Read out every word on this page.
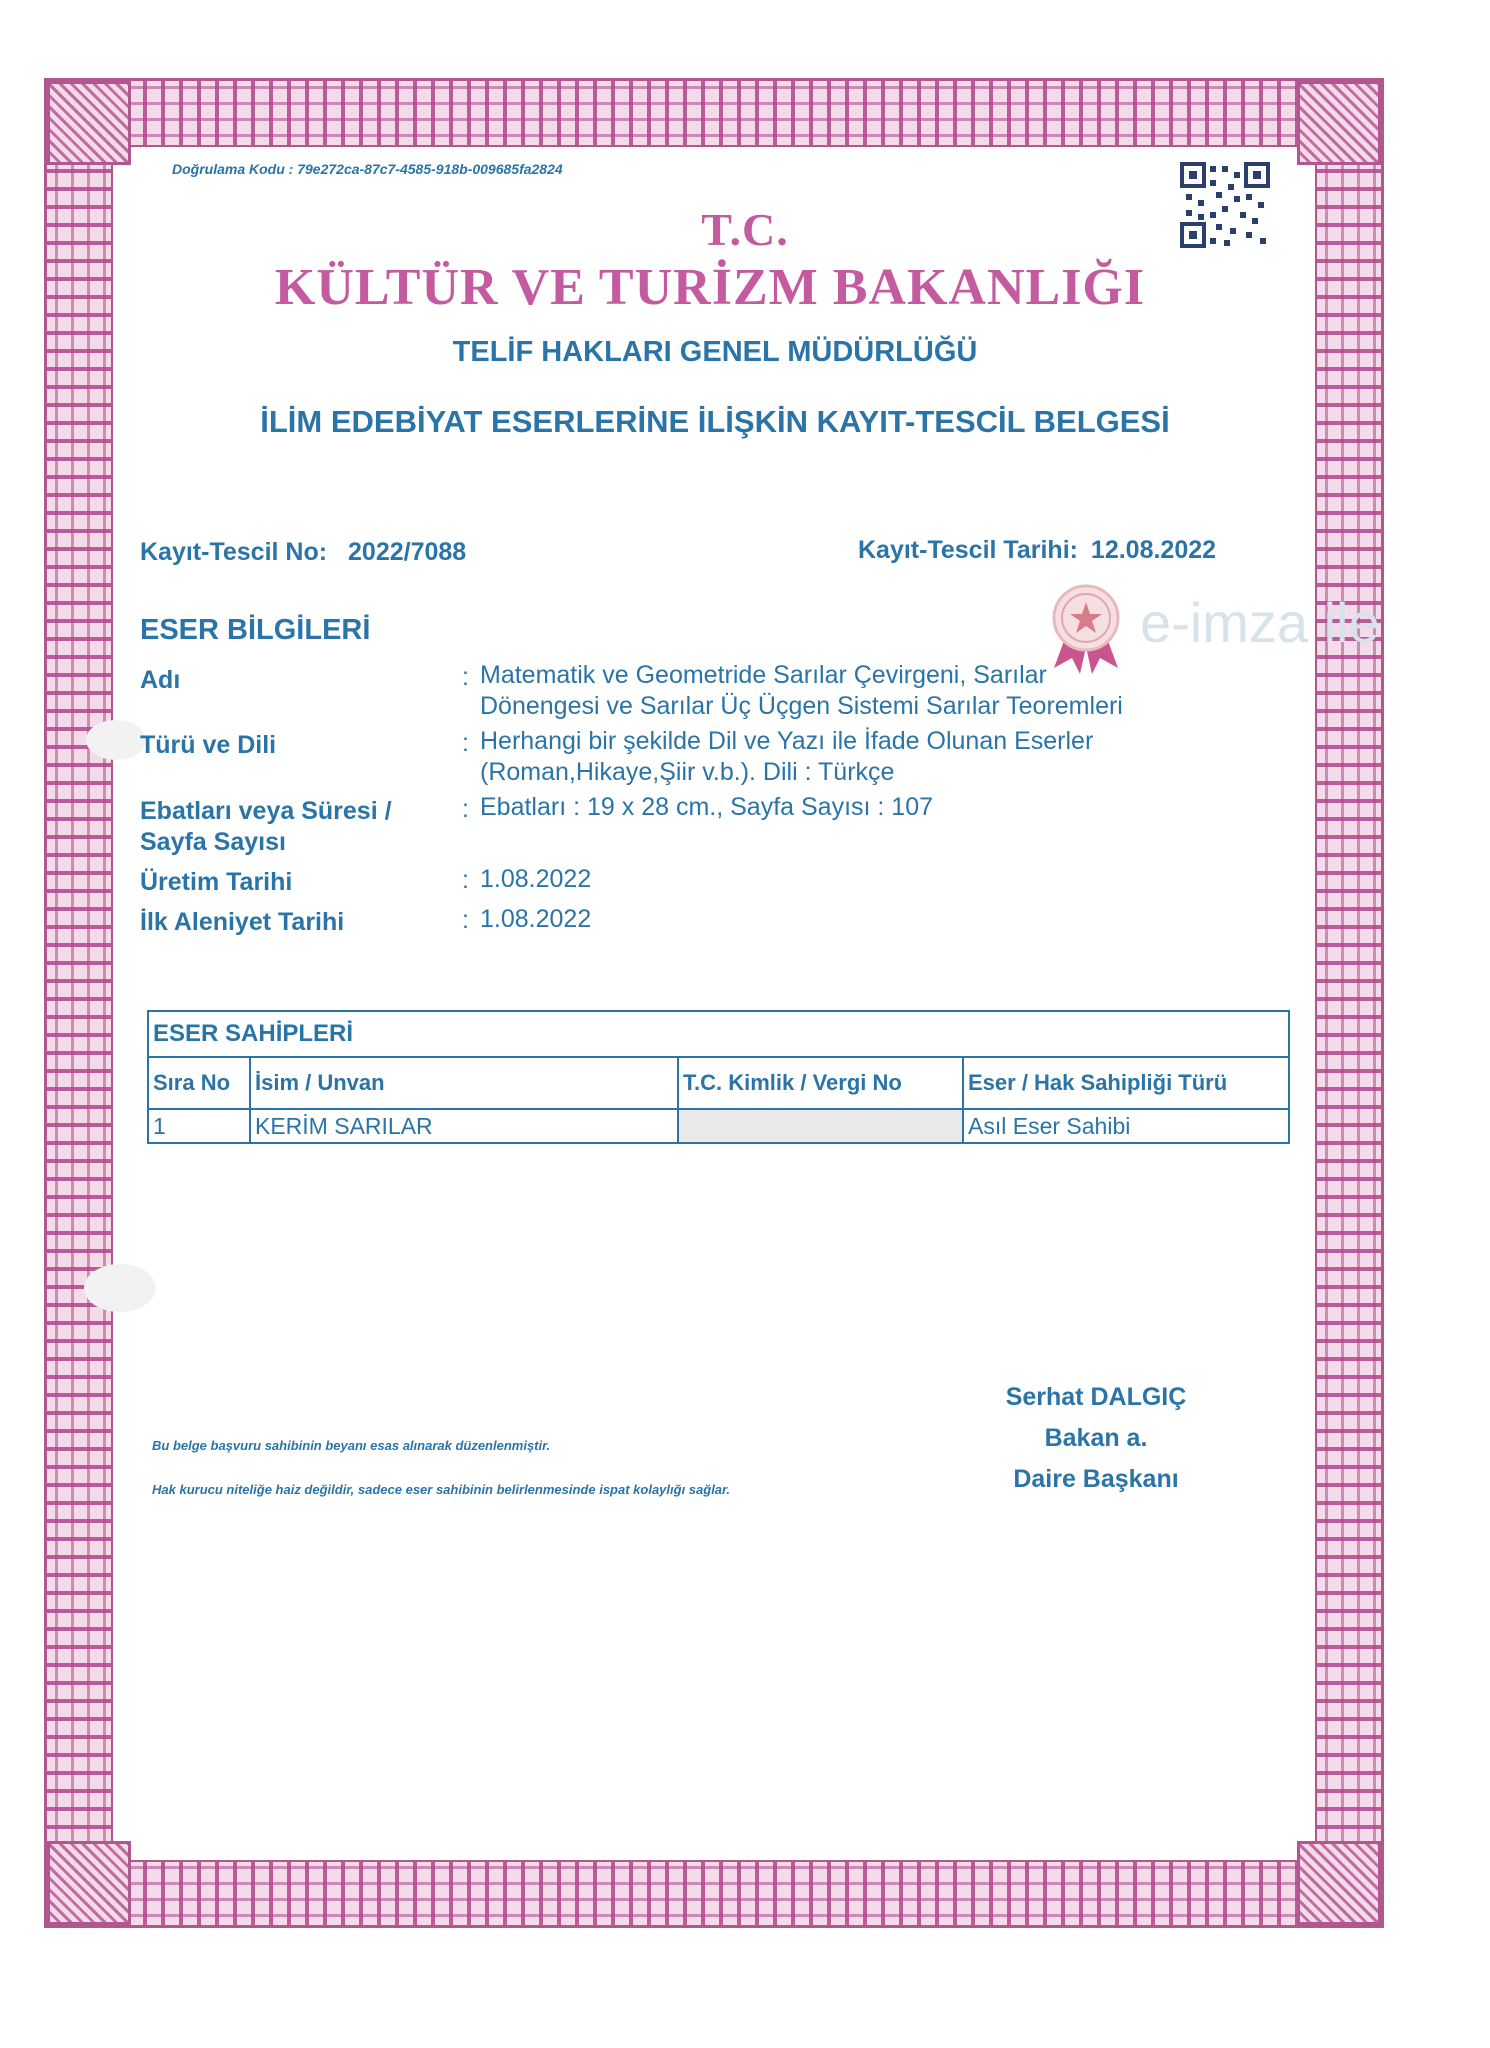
Doğrulama Kodu : 79e272ca-87c7-4585-918b-009685fa2824
T.C.
KÜLTÜR VE TURİZM BAKANLIĞI
TELİF HAKLARI GENEL MÜDÜRLÜĞÜ
İLİM EDEBİYAT ESERLERİNE İLİŞKİN KAYIT-TESCİL BELGESİ
Kayıt-Tescil No: 2022/7088	Kayıt-Tescil Tarihi: 12.08.2022
e-imza ile
ESER BİLGİLERİ
Adı	: Matematik ve Geometride Sarılar Çevirgeni, Sarılar
Dönengesi ve Sarılar Üç Üçgen Sistemi Sarılar Teoremleri
Türü ve Dili	: Herhangi bir şekilde Dil ve Yazı ile İfade Olunan Eserler
(Roman,Hikaye,Şiir v.b.). Dili : Türkçe
Ebatları veya Süresi /
Sayfa Sayısı
: Ebatları : 19 x 28 cm., Sayfa Sayısı : 107
Üretim Tarihi	: 1.08.2022
İlk Aleniyet Tarihi	: 1.08.2022
ESER SAHİPLERİ			
Sıra No	İsim / Unvan	T.C. Kimlik / Vergi No	Eser / Hak Sahipliği Türü
1	KERİM SARILAR		Asıl Eser Sahibi
Bu belge başvuru sahibinin beyanı esas alınarak düzenlenmiştir.
Hak kurucu niteliğe haiz değildir, sadece eser sahibinin belirlenmesinde ispat kolaylığı sağlar.
Serhat DALGIÇ
Bakan a.
Daire Başkanı
